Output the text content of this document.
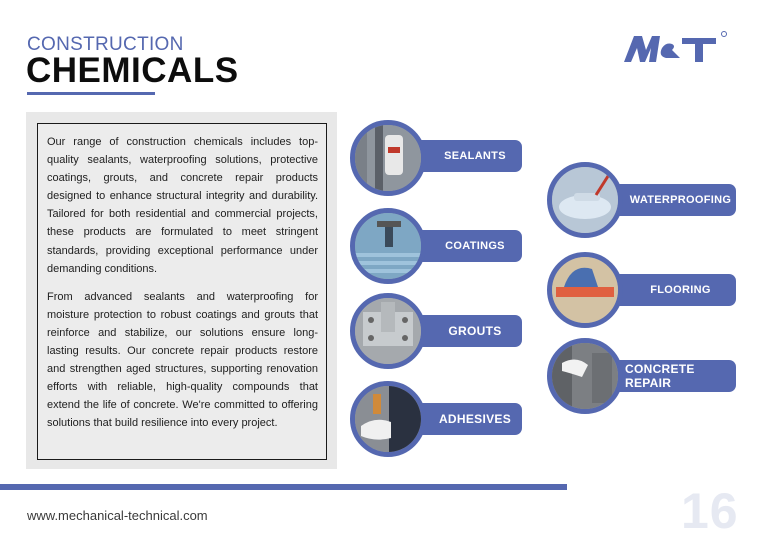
CONSTRUCTION
CHEMICALS

Our range of construction chemicals includes top-quality sealants, waterproofing solutions, protective coatings, grouts, and concrete repair products designed to enhance structural integrity and durability. Tailored for both residential and commercial projects, these products are formulated to meet stringent standards, providing exceptional performance under demanding conditions.

From advanced sealants and waterproofing for moisture protection to robust coatings and grouts that reinforce and stabilize, our solutions ensure long-lasting results. Our concrete repair products restore and strengthen aged structures, supporting renovation efforts with reliable, high-quality compounds that extend the life of concrete. We're committed to offering solutions that build resilience into every project.

SEALANTS
COATINGS
GROUTS
ADHESIVES
WATERPROOFING
FLOORING
CONCRETE REPAIR
www.mechanical-technical.com	16
